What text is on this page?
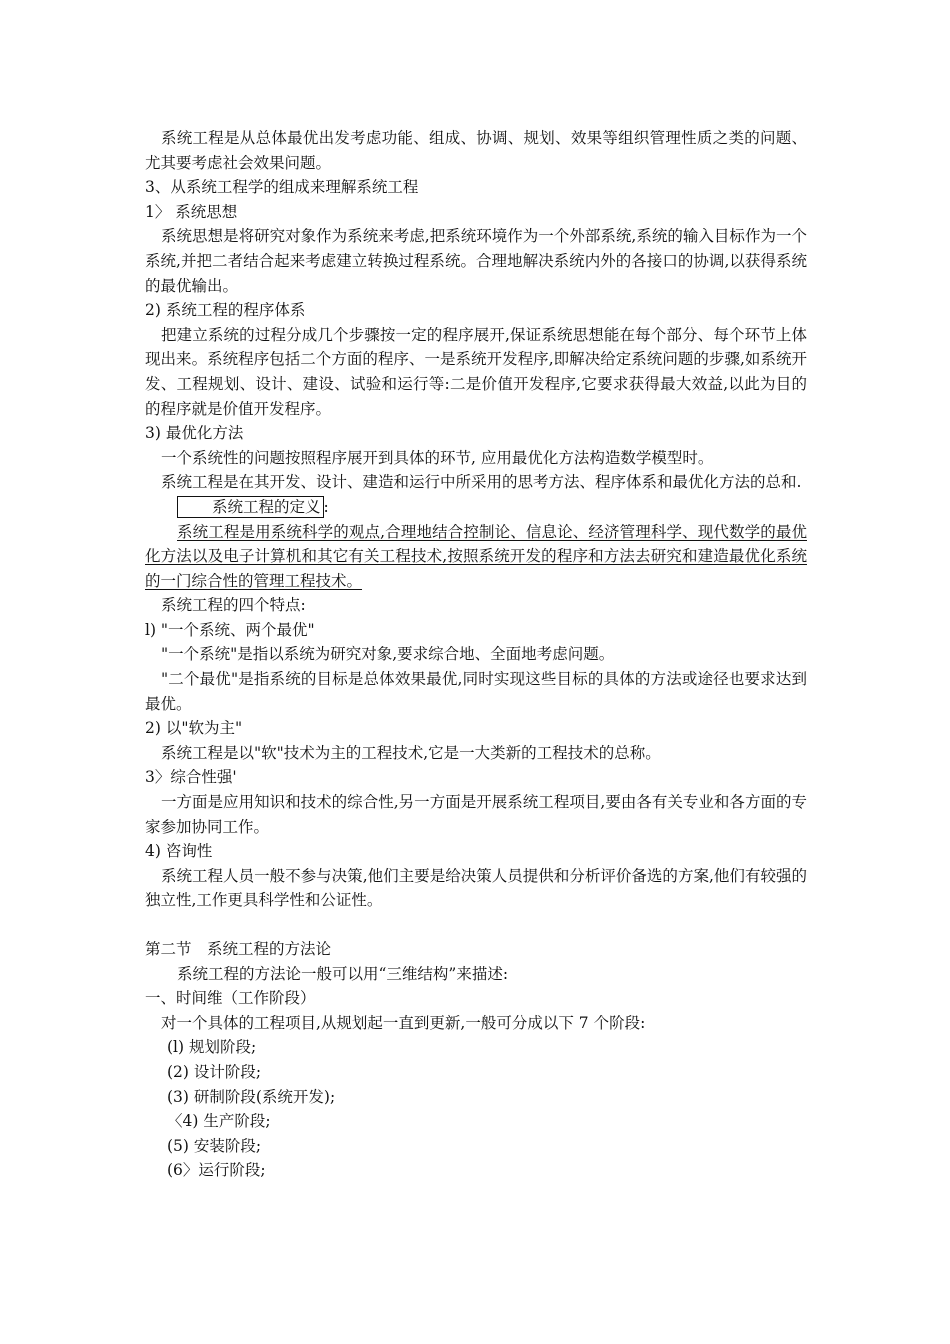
系统工程是从总体最优出发考虑功能、组成、协调、规划、效果等组织管理性质之类的问题、尤其要考虑社会效果问题。

3、从系统工程学的组成来理解系统工程

1〉 系统思想

系统思想是将研究对象作为系统来考虑,把系统环境作为一个外部系统,系统的输入目标作为一个系统,并把二者结合起来考虑建立转换过程系统。合理地解决系统内外的各接口的协调,以获得系统的最优输出。

2) 系统工程的程序体系

把建立系统的过程分成几个步骤按一定的程序展开,保证系统思想能在每个部分、每个环节上体现出来。系统程序包括二个方面的程序、一是系统开发程序,即解决给定系统问题的步骤,如系统开发、工程规划、设计、建设、试验和运行等:二是价值开发程序,它要求获得最大效益,以此为目的的程序就是价值开发程序。

3) 最优化方法

一个系统性的问题按照程序展开到具体的环节, 应用最优化方法构造数学模型时。

系统工程是在其开发、设计、建造和运行中所采用的思考方法、程序体系和最优化方法的总和.

系统工程的定义 :

系统工程是用系统科学的观点,合理地结合控制论、信息论、经济管理科学、现代数学的最优化方法以及电子计算机和其它有关工程技术,按照系统开发的程序和方法去研究和建造最优化系统的一门综合性的管理工程技术。

系统工程的四个特点:

l) "一个系统、两个最优"

"一个系统"是指以系统为研究对象,要求综合地、全面地考虑问题。

"二个最优"是指系统的目标是总体效果最优,同时实现这些目标的具体的方法或途径也要求达到最优。

2) 以"软为主"

系统工程是以"软"技术为主的工程技术,它是一大类新的工程技术的总称。

3〉综合性强'

一方面是应用知识和技术的综合性,另一方面是开展系统工程项目,要由各有关专业和各方面的专家参加协同工作。

4) 咨询性

系统工程人员一般不参与决策,他们主要是给决策人员提供和分析评价备选的方案,他们有较强的独立性,工作更具科学性和公证性。

第二节　系统工程的方法论

系统工程的方法论一般可以用“三维结构”来描述:

一、时间维（工作阶段）

对一个具体的工程项目,从规划起一直到更新,一般可分成以下 7 个阶段:

(l) 规划阶段;

(2) 设计阶段;

(3) 研制阶段(系统开发);

〈4) 生产阶段;

(5) 安装阶段;

(6〉运行阶段;
